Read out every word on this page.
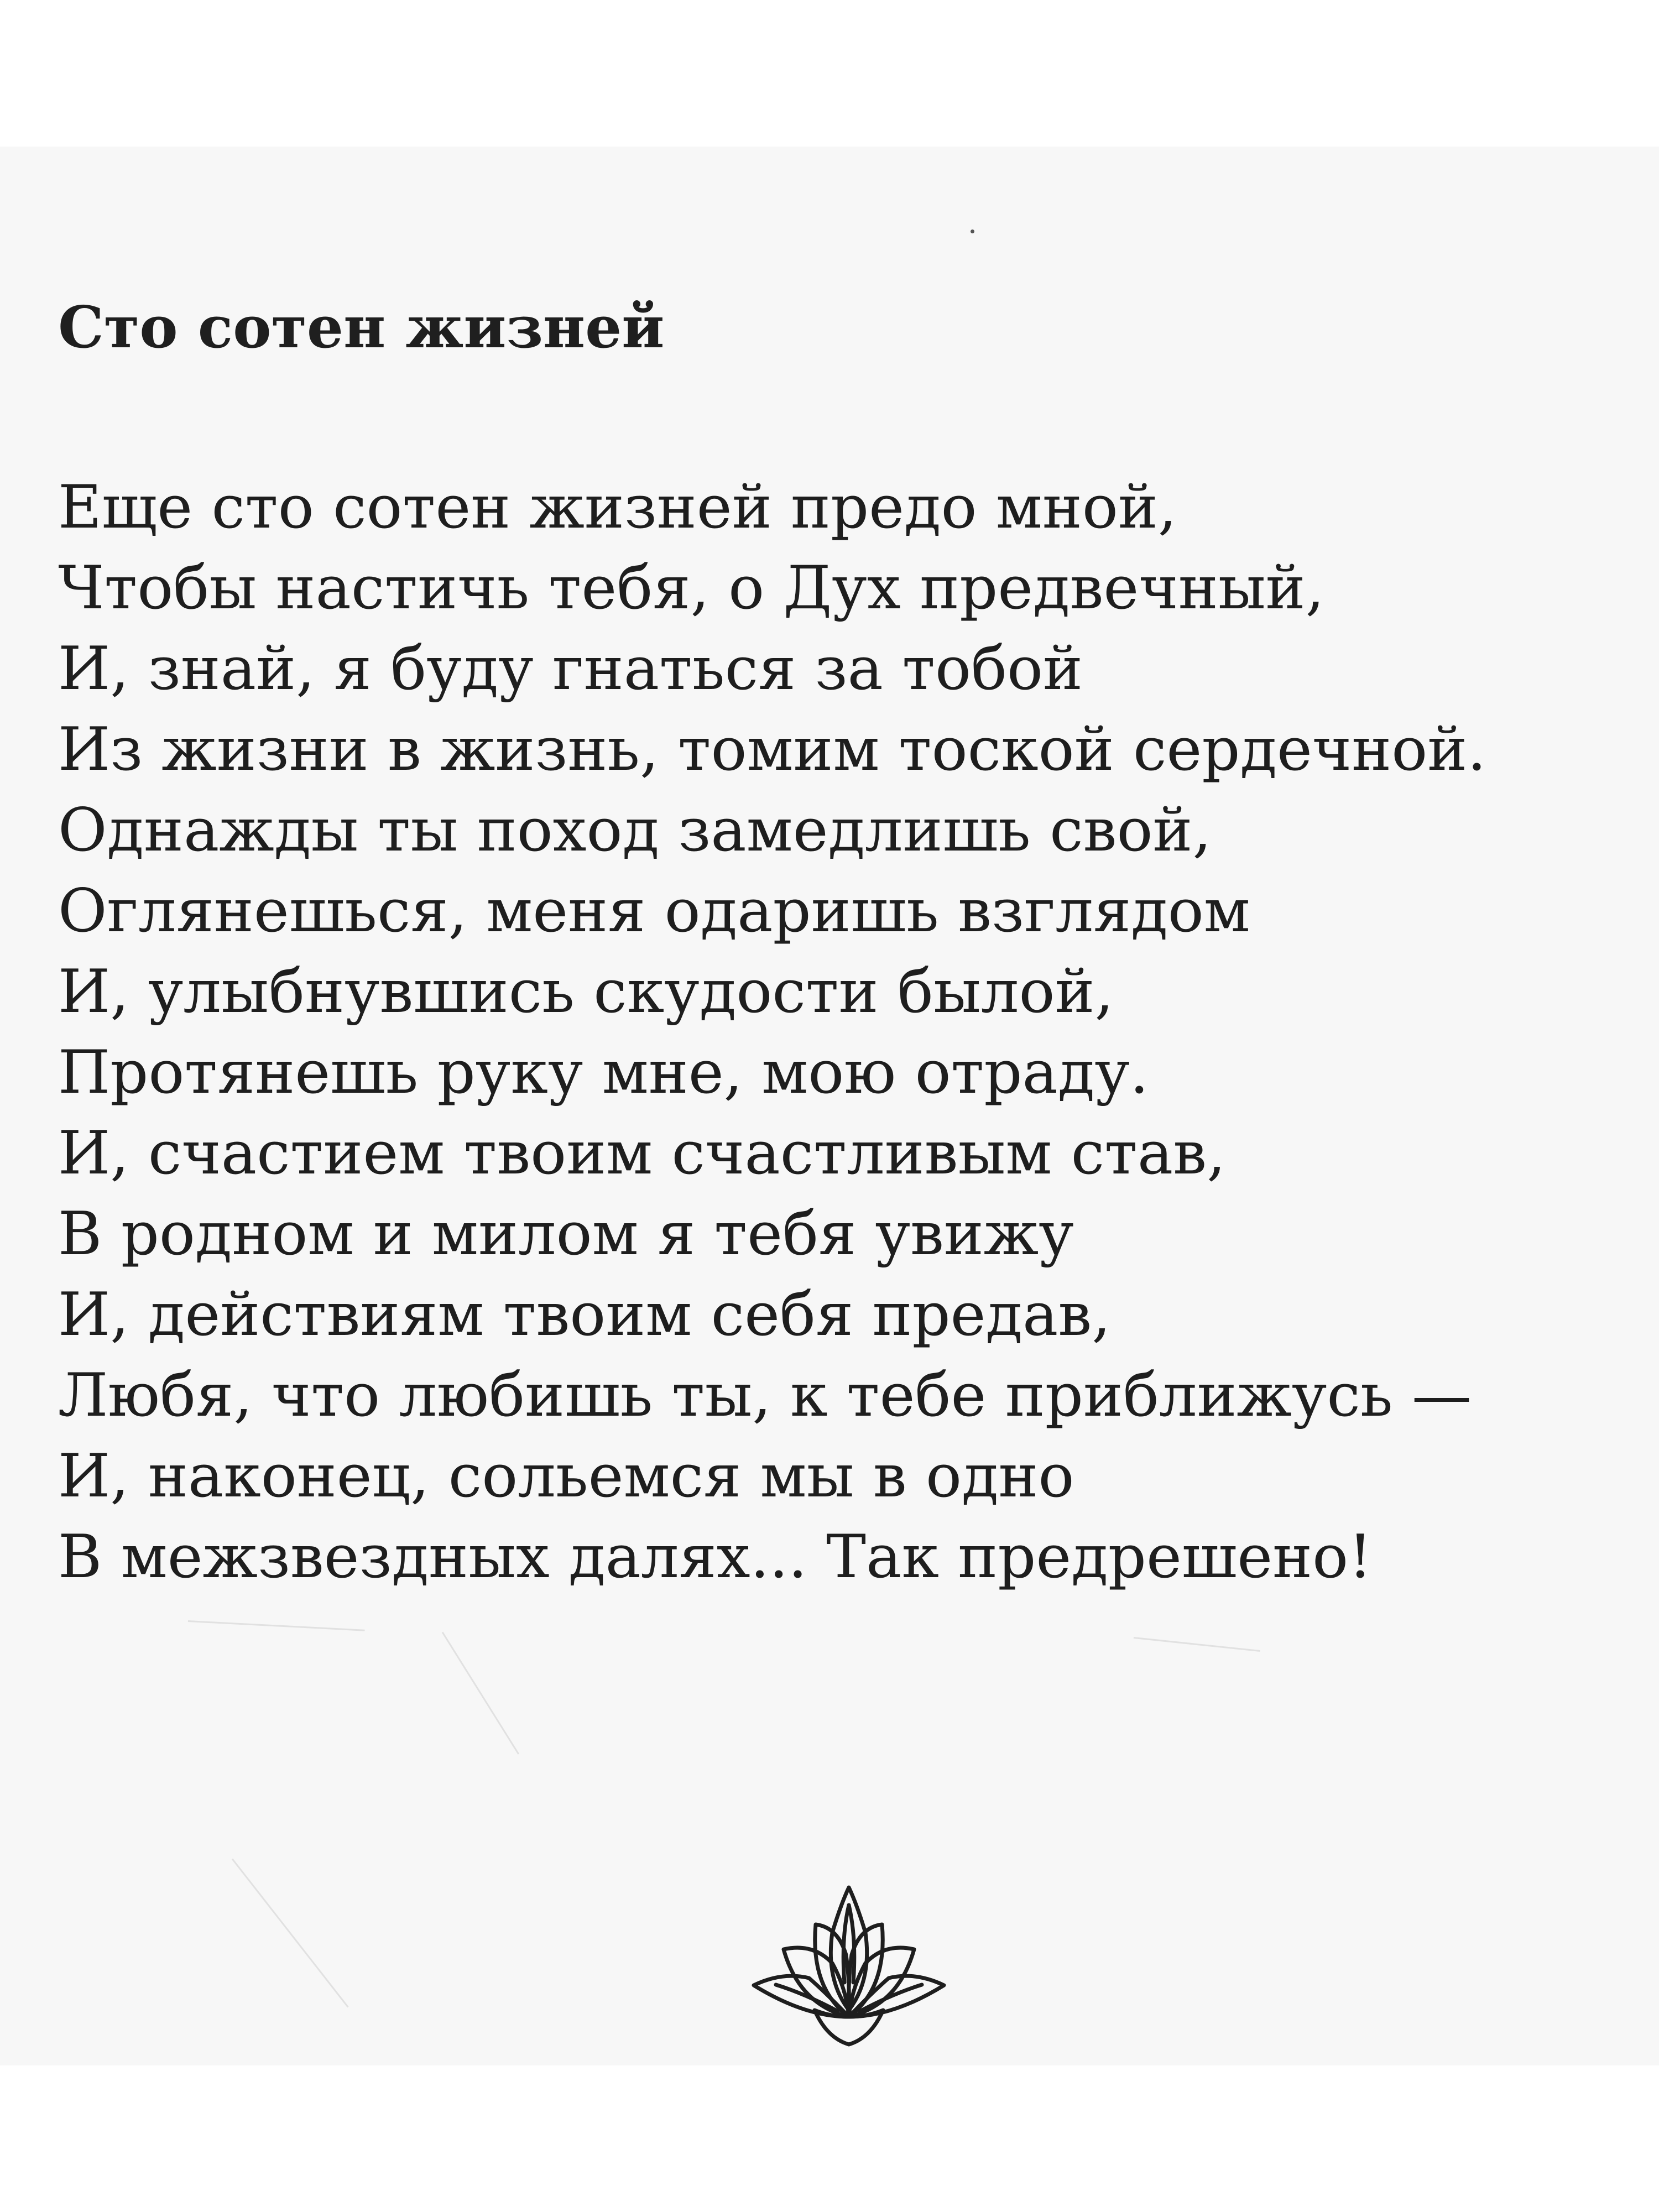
Сто сотен жизней
Еще сто сотен жизней предо мной,
Чтобы настичь тебя, о Дух предвечный,
И, знай, я буду гнаться за тобой
Из жизни в жизнь, томим тоской сердечной.
Однажды ты поход замедлишь свой,
Оглянешься, меня одаришь взглядом
И, улыбнувшись скудости былой,
Протянешь руку мне, мою отраду.
И, счастием твоим счастливым став,
В родном и милом я тебя увижу
И, действиям твоим себя предав,
Любя, что любишь ты, к тебе приближусь —
И, наконец, сольемся мы в одно
В межзвездных далях... Так предрешено!
